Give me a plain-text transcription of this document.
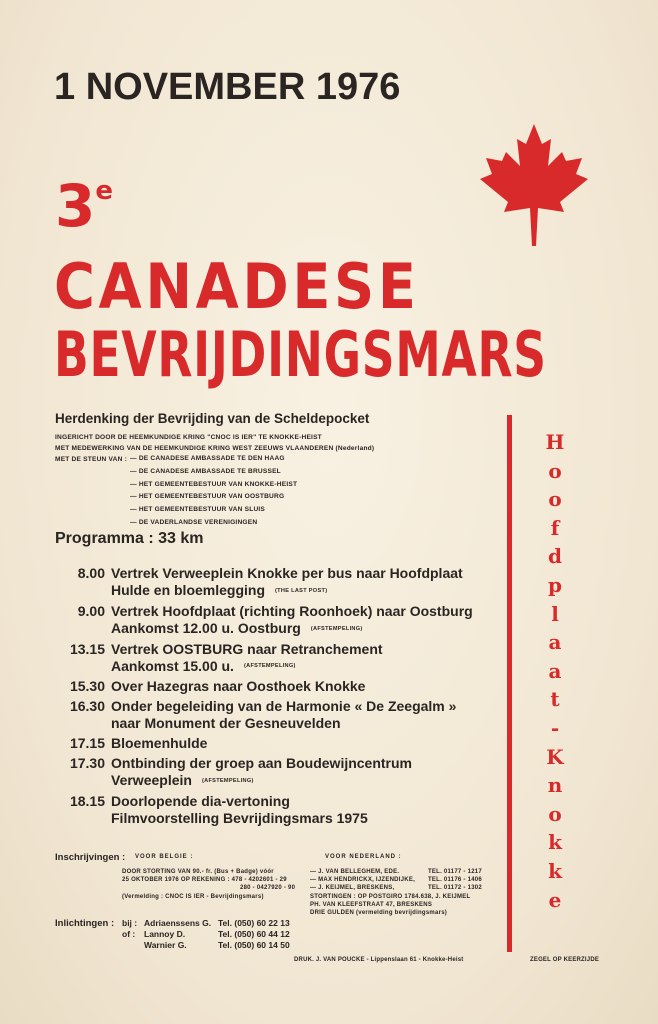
1 NOVEMBER 1976
3e
CANADESE
BEVRIJDINGSMARS
Herdenking der Bevrijding van de Scheldepocket
INGERICHT DOOR DE HEEMKUNDIGE KRING "CNOC IS IER" TE KNOKKE-HEIST
MET MEDEWERKING VAN DE HEEMKUNDIGE KRING WEST ZEEUWS VLAANDEREN (Nederland)
MET DE STEUN VAN : — DE CANADESE AMBASSADE TE DEN HAAG
— DE CANADESE AMBASSADE TE BRUSSEL
— HET GEMEENTEBESTUUR VAN KNOKKE-HEIST
— HET GEMEENTEBESTUUR VAN OOSTBURG
— HET GEMEENTEBESTUUR VAN SLUIS
— DE VADERLANDSE VERENIGINGEN
Programma : 33 km
8.00 Vertrek Verweeplein Knokke per bus naar Hoofdplaat
Hulde en bloemlegging (THE LAST POST)
9.00 Vertrek Hoofdplaat (richting Roonhoek) naar Oostburg
Aankomst 12.00 u. Oostburg (AFSTEMPELING)
13.15 Vertrek OOSTBURG naar Retranchement
Aankomst 15.00 u. (AFSTEMPELING)
15.30 Over Hazegras naar Oosthoek Knokke
16.30 Onder begeleiding van de Harmonie « De Zeegalm »
naar Monument der Gesneuvelden
17.15 Bloemenhulde
17.30 Ontbinding der groep aan Boudewijncentrum
Verweeplein (AFSTEMPELING)
18.15 Doorlopende dia-vertoning
Filmvoorstelling Bevrijdingsmars 1975
H
o
o
f
d
p
l
a
a
t
-
K
n
o
k
k
e
Inschrijvingen : VOOR BELGIE :
DOOR STORTING VAN 90.- fr. (Bus + Badge) vóór
25 OKTOBER 1976 OP REKENING : 478 - 4202601 - 29
280 - 0427920 - 90
(Vermelding : CNOC IS IER - Bevrijdingsmars)
VOOR NEDERLAND :
— J. VAN BELLEGHEM, EDE.	TEL. 01177 - 1217
— MAX HENDRICKX, IJZENDIJKE, TEL. 01176 - 1406
— J. KEIJMEL, BRESKENS,	TEL. 01172 - 1302
STORTINGEN : OP POSTGIRO 1784.638, J. KEIJMEL
PH. VAN KLEEFSTRAAT 47, BRESKENS
DRIE GULDEN (vermelding bevrijdingsmars)
Inlichtingen : bij : Adriaenssens G. Tel. (050) 60 22 13
of : Lannoy D.	Tel. (050) 60 44 12
Warnier G.	Tel. (050) 60 14 50
DRUK. J. VAN POUCKE - Lippenslaan 61 - Knokke-Heist	ZEGEL OP KEERZIJDE
